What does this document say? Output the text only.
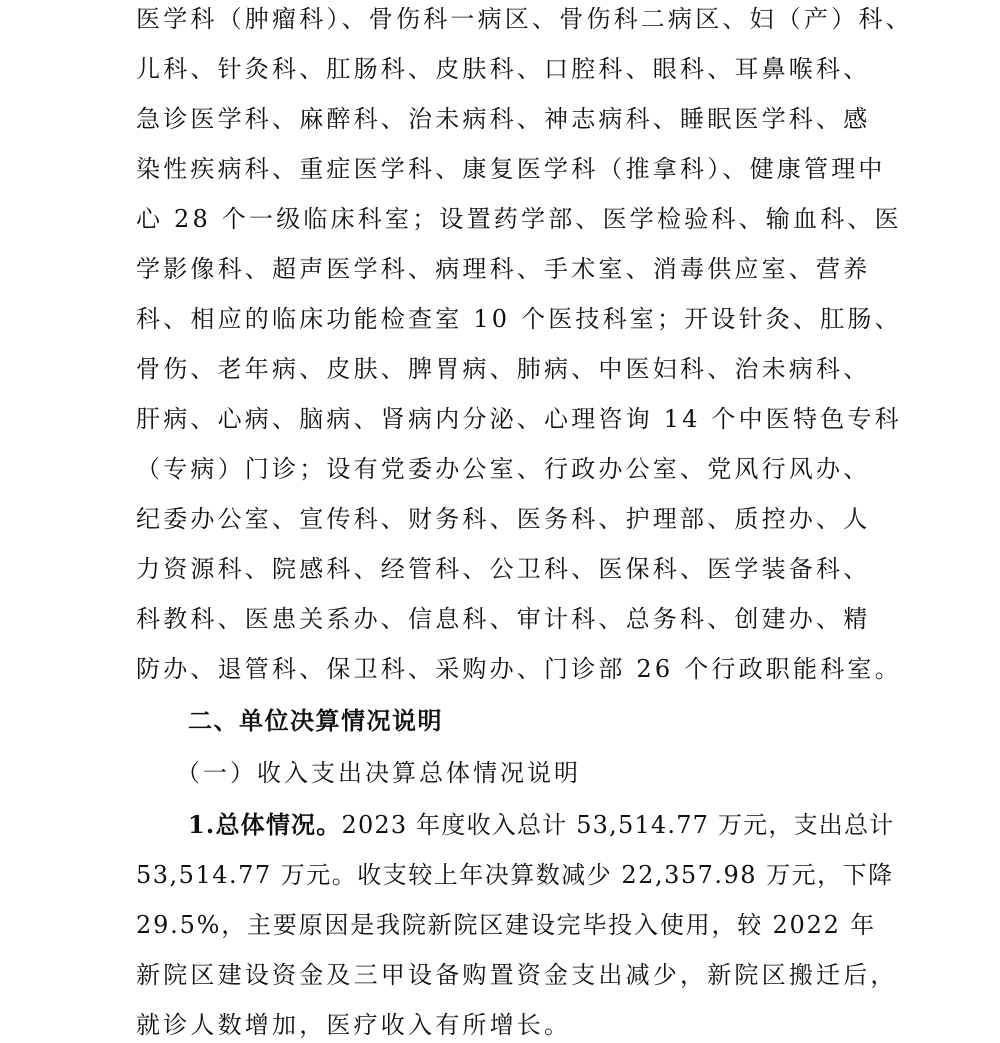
医学科（肿瘤科）、骨伤科一病区、骨伤科二病区、妇（产）科、
儿科、针灸科、肛肠科、皮肤科、口腔科、眼科、耳鼻喉科、
急诊医学科、麻醉科、治未病科、神志病科、睡眠医学科、感
染性疾病科、重症医学科、康复医学科（推拿科）、健康管理中
心 28 个一级临床科室；设置药学部、医学检验科、输血科、医
学影像科、超声医学科、病理科、手术室、消毒供应室、营养
科、相应的临床功能检查室 10 个医技科室；开设针灸、肛肠、
骨伤、老年病、皮肤、脾胃病、肺病、中医妇科、治未病科、
肝病、心病、脑病、肾病内分泌、心理咨询 14 个中医特色专科
（专病）门诊；设有党委办公室、行政办公室、党风行风办、
纪委办公室、宣传科、财务科、医务科、护理部、质控办、人
力资源科、院感科、经管科、公卫科、医保科、医学装备科、
科教科、医患关系办、信息科、审计科、总务科、创建办、精
防办、退管科、保卫科、采购办、门诊部 26 个行政职能科室。
二、单位决算情况说明
（一）收入支出决算总体情况说明
1.总体情况。2023 年度收入总计 53,514.77 万元，支出总计
53,514.77 万元。收支较上年决算数减少 22,357.98 万元，下降
29.5%，主要原因是我院新院区建设完毕投入使用，较 2022 年
新院区建设资金及三甲设备购置资金支出减少，新院区搬迁后，
就诊人数增加，医疗收入有所增长。
